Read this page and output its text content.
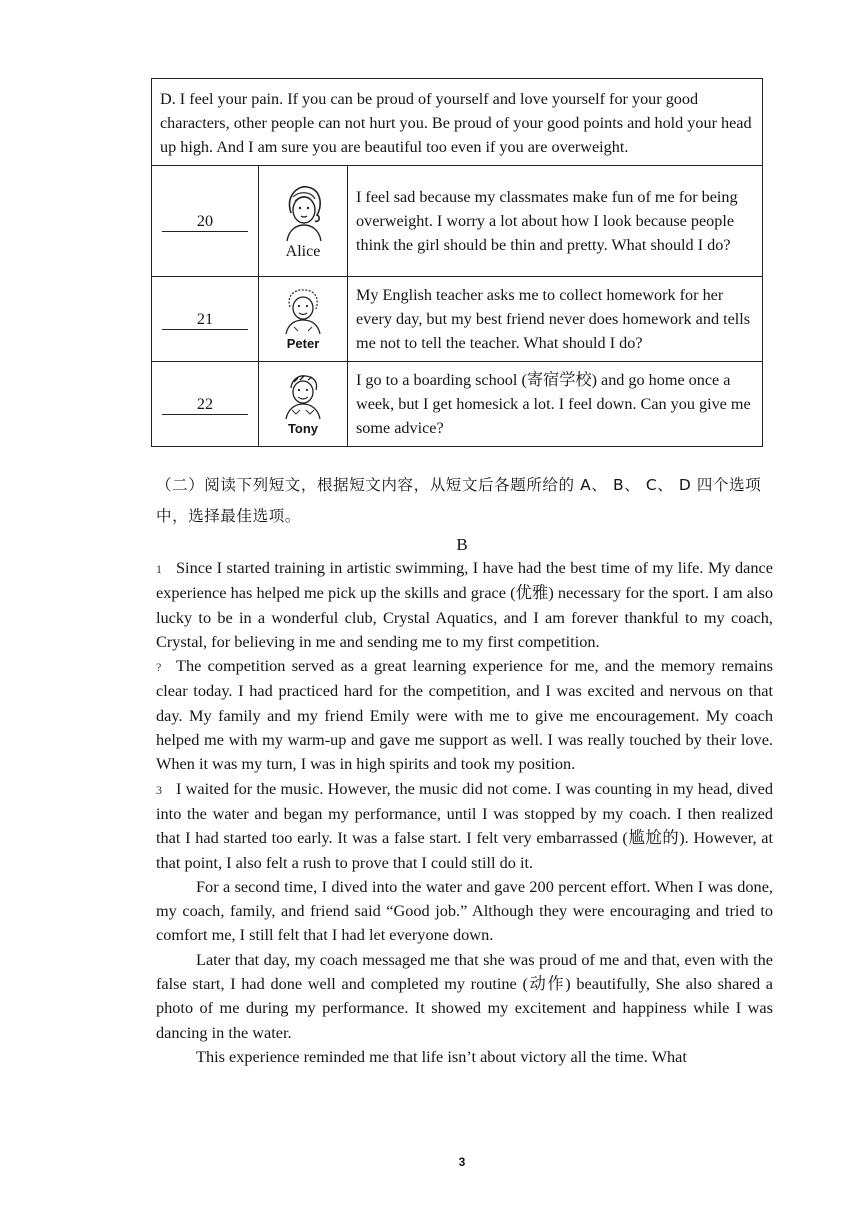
D. I feel your pain. If you can be proud of yourself and love yourself for your good characters, other people can not hurt you. Be proud of your good points and hold your head up high. And I am sure you are beautiful too even if you are overweight.		
20	Alice	I feel sad because my classmates make fun of me for being overweight. I worry a lot about how I look because people think the girl should be thin and pretty. What should I do?
21	Peter	My English teacher asks me to collect homework for her every day, but my best friend never does homework and tells me not to tell the teacher. What should I do?
22	Tony	I go to a boarding school (寄宿学校) and go home once a week, but I get homesick a lot. I feel down. Can you give me some advice?
（二）阅读下列短文，根据短文内容，从短文后各题所给的 A、 B、 C、 D 四个选项中，选择最佳选项。
B

1 Since I started training in artistic swimming, I have had the best time of my life. My dance experience has helped me pick up the skills and grace (优雅) necessary for the sport. I am also lucky to be in a wonderful club, Crystal Aquatics, and I am forever thankful to my coach, Crystal, for believing in me and sending me to my first competition.

? The competition served as a great learning experience for me, and the memory remains clear today. I had practiced hard for the competition, and I was excited and nervous on that day. My family and my friend Emily were with me to give me encouragement. My coach helped me with my warm-up and gave me support as well. I was really touched by their love. When it was my turn, I was in high spirits and took my position.

3 I waited for the music. However, the music did not come. I was counting in my head, dived into the water and began my performance, until I was stopped by my coach. I then realized that I had started too early. It was a false start. I felt very embarrassed (尴尬的). However, at that point, I also felt a rush to prove that I could still do it.

For a second time, I dived into the water and gave 200 percent effort. When I was done, my coach, family, and friend said “Good job.” Although they were encouraging and tried to comfort me, I still felt that I had let everyone down.

Later that day, my coach messaged me that she was proud of me and that, even with the false start, I had done well and completed my routine (动作) beautifully, She also shared a photo of me during my performance. It showed my excitement and happiness while I was dancing in the water.

This experience reminded me that life isn’t about victory all the time. What

3
